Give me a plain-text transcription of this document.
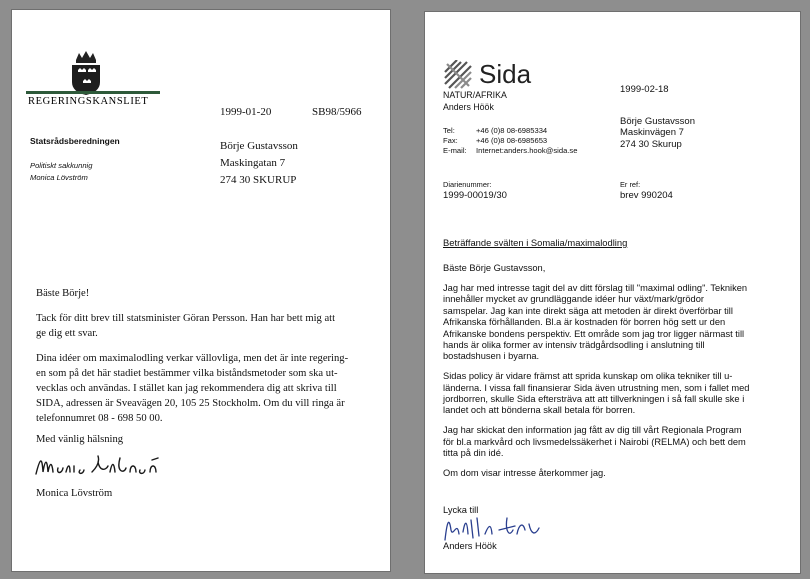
REGERINGSKANSLIET
Statsrådsberedningen
Politiskt sakkunnig
Monica Lövström
1999-01-20	SB98/5966
Börje Gustavsson
Maskingatan 7
274 30 SKURUP

Bäste Börje!

Tack för ditt brev till statsminister Göran Persson. Han har bett mig att
ge dig ett svar.

Dina idéer om maximalodling verkar vällovliga, men det är inte regering-
en som på det här stadiet bestämmer vilka biståndsmetoder som ska ut-
vecklas och användas. I stället kan jag rekommendera dig att skriva till
SIDA, adressen är Sveavägen 20, 105 25 Stockholm. Om du vill ringa är
telefonnumret 08 - 698 50 00.

Med vänlig hälsning
Monica Lövström
Sida
NATUR/AFRIKA
Anders Höök
Tel:	+46 (0)8 08-6985334
Fax: +46 (0)8 08-6985653
E-mail: Internet:anders.hook@sida.se
1999-02-18
Börje Gustavsson
Maskinvägen 7
274 30 Skurup
Diarienummer:
1999-00019/30
Er ref:
brev 990204
Beträffande svälten i Somalia/maximalodling

Bäste Börje Gustavsson,

Jag har med intresse tagit del av ditt förslag till "maximal odling". Tekniken
innehåller mycket av grundläggande idéer hur växt/mark/grödor
samspelar. Jag kan inte direkt säga att metoden är direkt överförbar till
Afrikanska förhållanden. Bl.a är kostnaden för borren hög sett ur den
Afrikanske bondens perspektiv. Ett område som jag tror ligger närmast till
hands är olika former av intensiv trädgårdsodling i anslutning till
bostadshusen i byarna.

Sidas policy är vidare främst att sprida kunskap om olika tekniker till u-
länderna. I vissa fall finansierar Sida även utrustning men, som i fallet med
jordborren, skulle Sida eftersträva att att tillverkningen i så fall skulle ske i
landet och att bönderna skall betala för borren.

Jag har skickat den information jag fått av dig till vårt Regionala Program
för bl.a markvård och livsmedelssäkerhet i Nairobi (RELMA) och bett dem
titta på din idé.

Om dom visar intresse återkommer jag.

Lycka till
Anders Höök
